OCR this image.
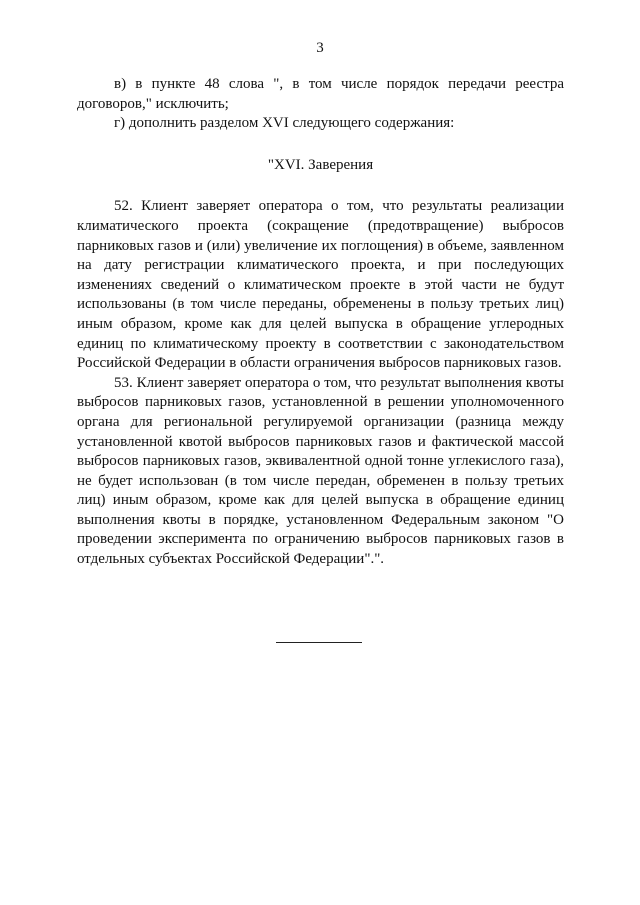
3

в) в пункте 48 слова ", в том числе порядок передачи реестра договоров," исключить;

г) дополнить разделом XVI следующего содержания:

"XVI. Заверения

52. Клиент заверяет оператора о том, что результаты реализации климатического проекта (сокращение (предотвращение) выбросов парниковых газов и (или) увеличение их поглощения) в объеме, заявленном на дату регистрации климатического проекта, и при последующих изменениях сведений о климатическом проекте в этой части не будут использованы (в том числе переданы, обременены в пользу третьих лиц) иным образом, кроме как для целей выпуска в обращение углеродных единиц по климатическому проекту в соответствии с законодательством Российской Федерации в области ограничения выбросов парниковых газов.

53. Клиент заверяет оператора о том, что результат выполнения квоты выбросов парниковых газов, установленной в решении уполномоченного органа для региональной регулируемой организации (разница между установленной квотой выбросов парниковых газов и фактической массой выбросов парниковых газов, эквивалентной одной тонне углекислого газа), не будет использован (в том числе передан, обременен в пользу третьих лиц) иным образом, кроме как для целей выпуска в обращение единиц выполнения квоты в порядке, установленном Федеральным законом "О проведении эксперимента по ограничению выбросов парниковых газов в отдельных субъектах Российской Федерации".".
